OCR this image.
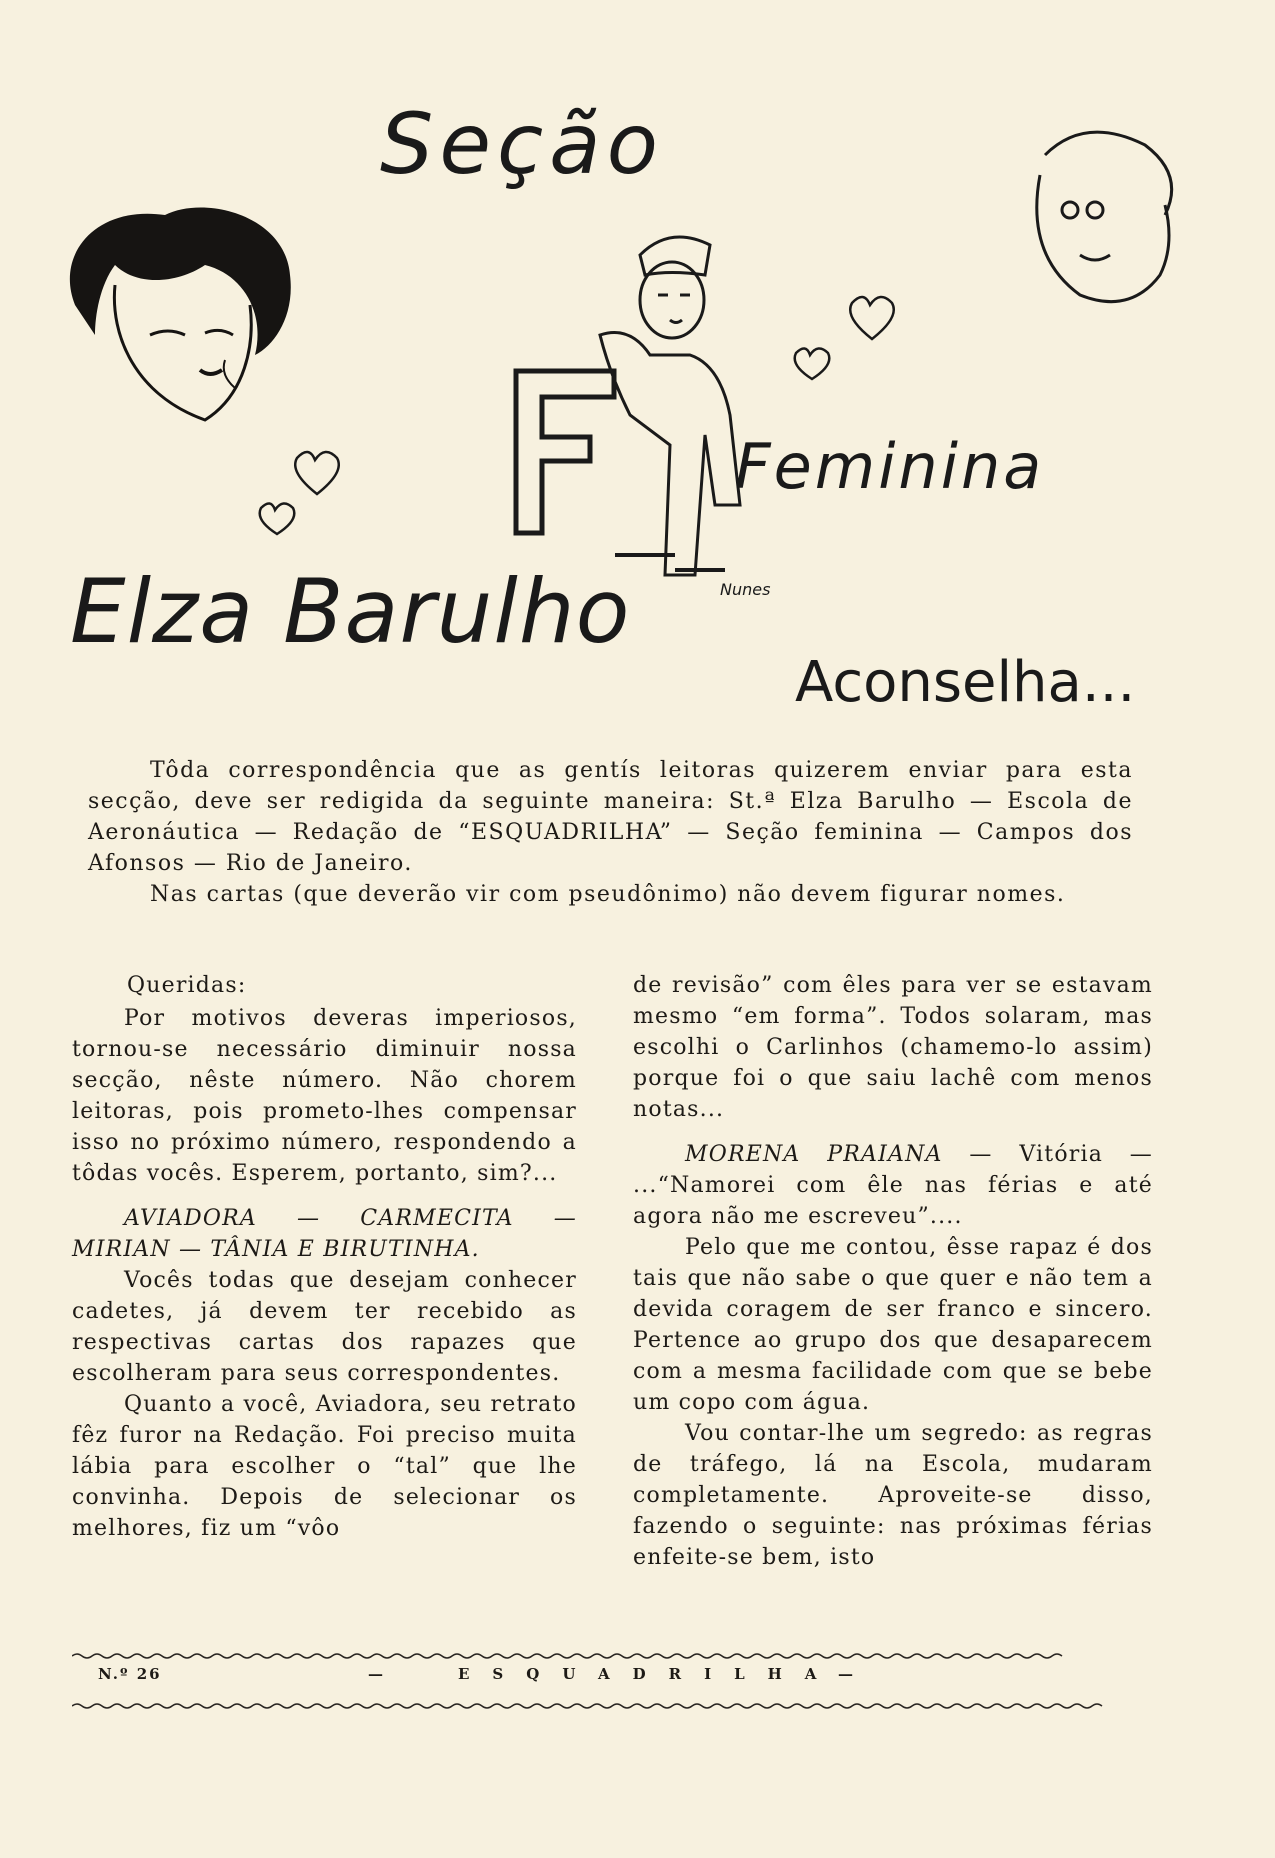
Seção
Feminina
Elza Barulho
Aconselha...
Nunes

Tôda correspondência que as gentís leitoras quizerem enviar para esta secção, deve ser redigida da seguinte maneira: St.ª Elza Barulho — Escola de Aeronáutica — Redação de “ESQUADRILHA” — Seção feminina — Campos dos Afonsos — Rio de Janeiro.

Nas cartas (que deverão vir com pseudônimo) não devem figurar nomes.

Queridas:

Por motivos deveras imperiosos, tornou-se necessário diminuir nossa secção, nêste número. Não chorem leitoras, pois prometo-lhes compensar isso no próximo número, respondendo a tôdas vocês. Esperem, portanto, sim?...

AVIADORA — CARMECITA — MIRIAN — TÂNIA E BIRUTINHA.

Vocês todas que desejam conhecer cadetes, já devem ter recebido as respectivas cartas dos rapazes que escolheram para seus correspondentes.

Quanto a você, Aviadora, seu retrato fêz furor na Redação. Foi preciso muita lábia para escolher o “tal” que lhe convinha. Depois de selecionar os melhores, fiz um “vôo

de revisão” com êles para ver se estavam mesmo “em forma”. Todos solaram, mas escolhi o Carlinhos (chamemo-lo assim) porque foi o que saiu lachê com menos notas...

MORENA PRAIANA — Vitória — ...“Namorei com êle nas férias e até agora não me escreveu”....

Pelo que me contou, êsse rapaz é dos tais que não sabe o que quer e não tem a devida coragem de ser franco e sincero. Pertence ao grupo dos que desaparecem com a mesma facilidade com que se bebe um copo com água.

Vou contar-lhe um segredo: as regras de tráfego, lá na Escola, mudaram completamente. Aproveite-se disso, fazendo o seguinte: nas próximas férias enfeite-se bem, isto

N.º 26	—	ESQUADRILHA
—
